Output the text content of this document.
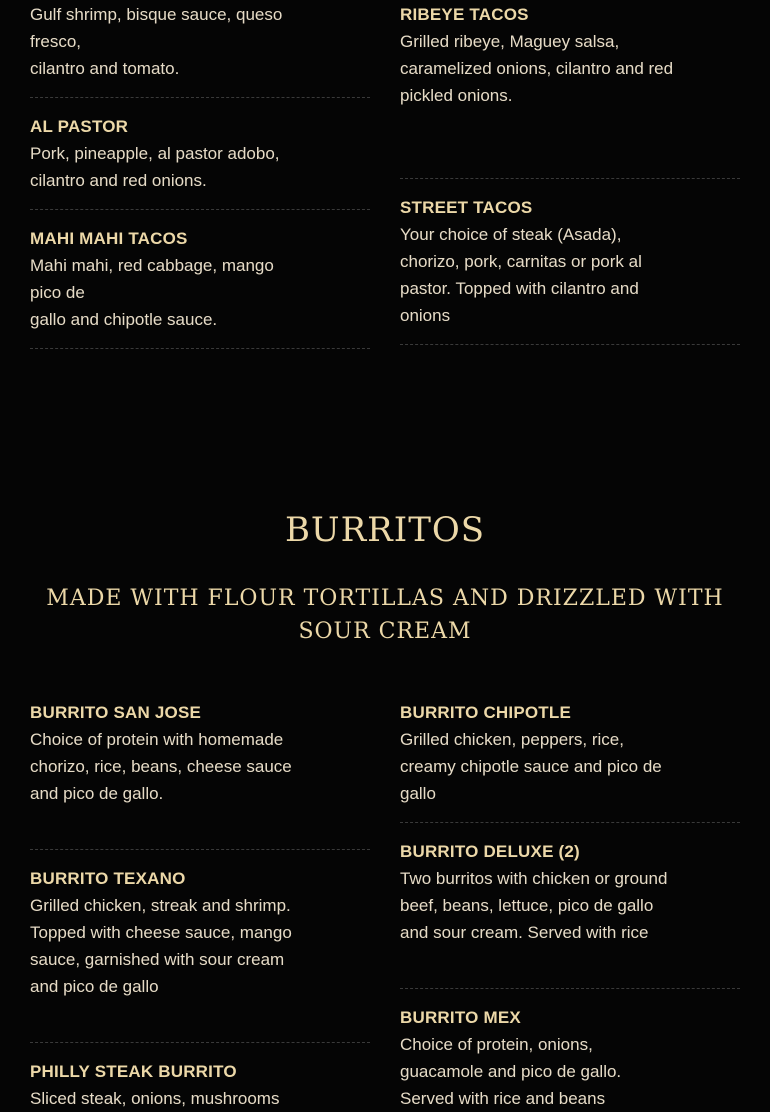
Gulf shrimp, bisque sauce, queso fresco,
cilantro and tomato.
AL PASTOR
Pork, pineapple, al pastor adobo, cilantro and red onions.
MAHI MAHI TACOS
Mahi mahi, red cabbage, mango pico de
gallo and chipotle sauce.
RIBEYE TACOS
Grilled ribeye, Maguey salsa, caramelized onions, cilantro and red pickled onions.
STREET TACOS
Your choice of steak (Asada), chorizo, pork, carnitas or pork al pastor. Topped with cilantro and onions
BURRITOS
MADE WITH FLOUR TORTILLAS AND DRIZZLED WITH SOUR CREAM
BURRITO SAN JOSE
Choice of protein with homemade chorizo, rice, beans, cheese sauce and pico de gallo.
BURRITO TEXANO
Grilled chicken, streak and shrimp. Topped with cheese sauce, mango sauce, garnished with sour cream and pico de gallo
PHILLY STEAK BURRITO
Sliced steak, onions, mushrooms
BURRITO CHIPOTLE
Grilled chicken, peppers, rice, creamy chipotle sauce and pico de gallo
BURRITO DELUXE (2)
Two burritos with chicken or ground beef, beans, lettuce, pico de gallo and sour cream. Served with rice
BURRITO MEX
Choice of protein, onions, guacamole and pico de gallo. Served with rice and beans
